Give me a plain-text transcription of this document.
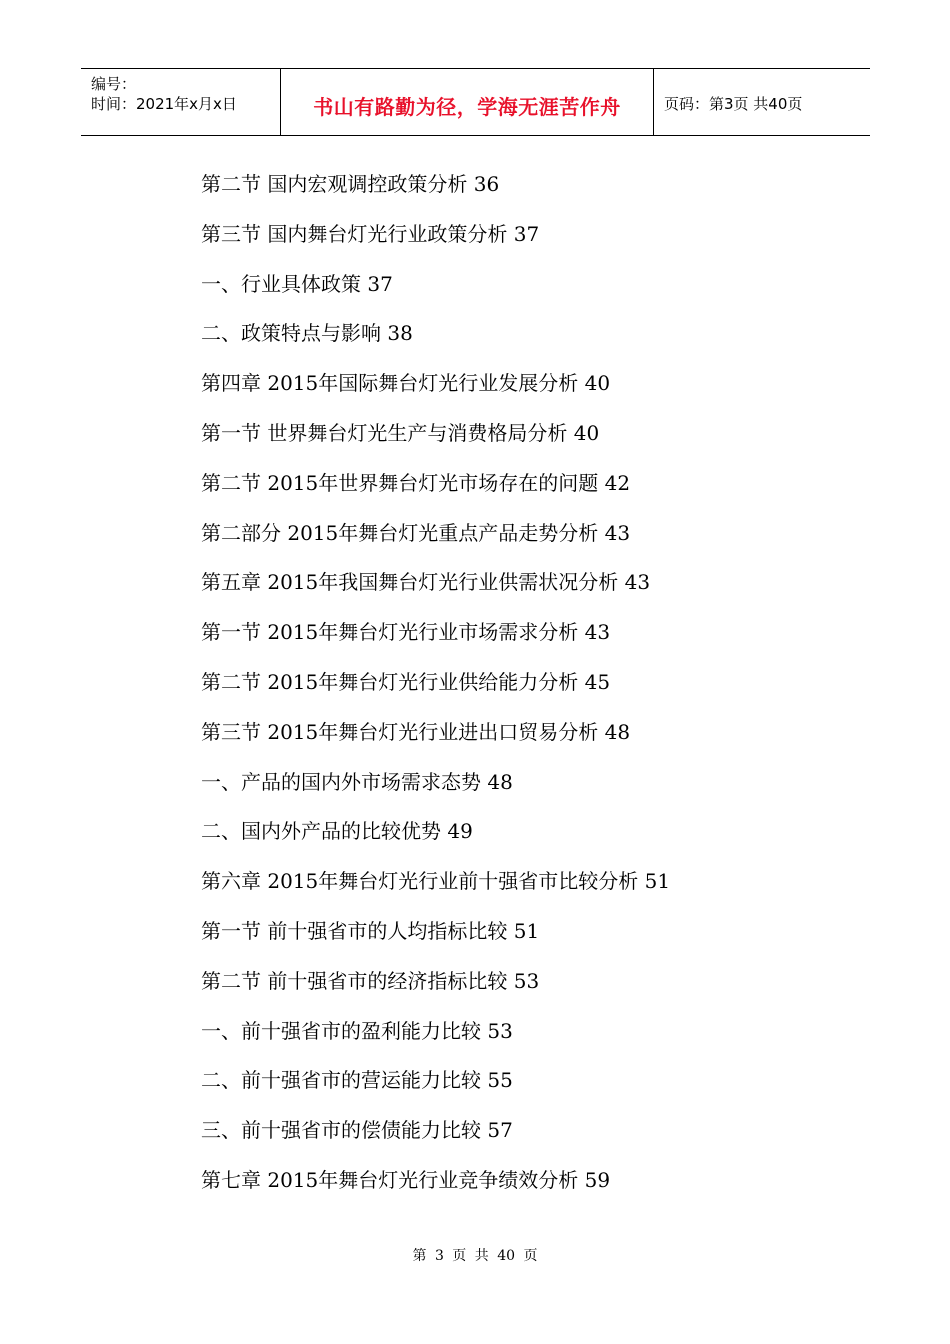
编号：
时间：2021年x月x日	书山有路勤为径，学海无涯苦作舟	页码：第3页 共40页
第二节 国内宏观调控政策分析 36
第三节 国内舞台灯光行业政策分析 37
一、行业具体政策 37
二、政策特点与影响 38
第四章 2015年国际舞台灯光行业发展分析 40
第一节 世界舞台灯光生产与消费格局分析 40
第二节 2015年世界舞台灯光市场存在的问题 42
第二部分 2015年舞台灯光重点产品走势分析 43
第五章 2015年我国舞台灯光行业供需状况分析 43
第一节 2015年舞台灯光行业市场需求分析 43
第二节 2015年舞台灯光行业供给能力分析 45
第三节 2015年舞台灯光行业进出口贸易分析 48
一、产品的国内外市场需求态势 48
二、国内外产品的比较优势 49
第六章 2015年舞台灯光行业前十强省市比较分析 51
第一节 前十强省市的人均指标比较 51
第二节 前十强省市的经济指标比较 53
一、前十强省市的盈利能力比较 53
二、前十强省市的营运能力比较 55
三、前十强省市的偿债能力比较 57
第七章 2015年舞台灯光行业竞争绩效分析 59
第 3 页 共 40 页
